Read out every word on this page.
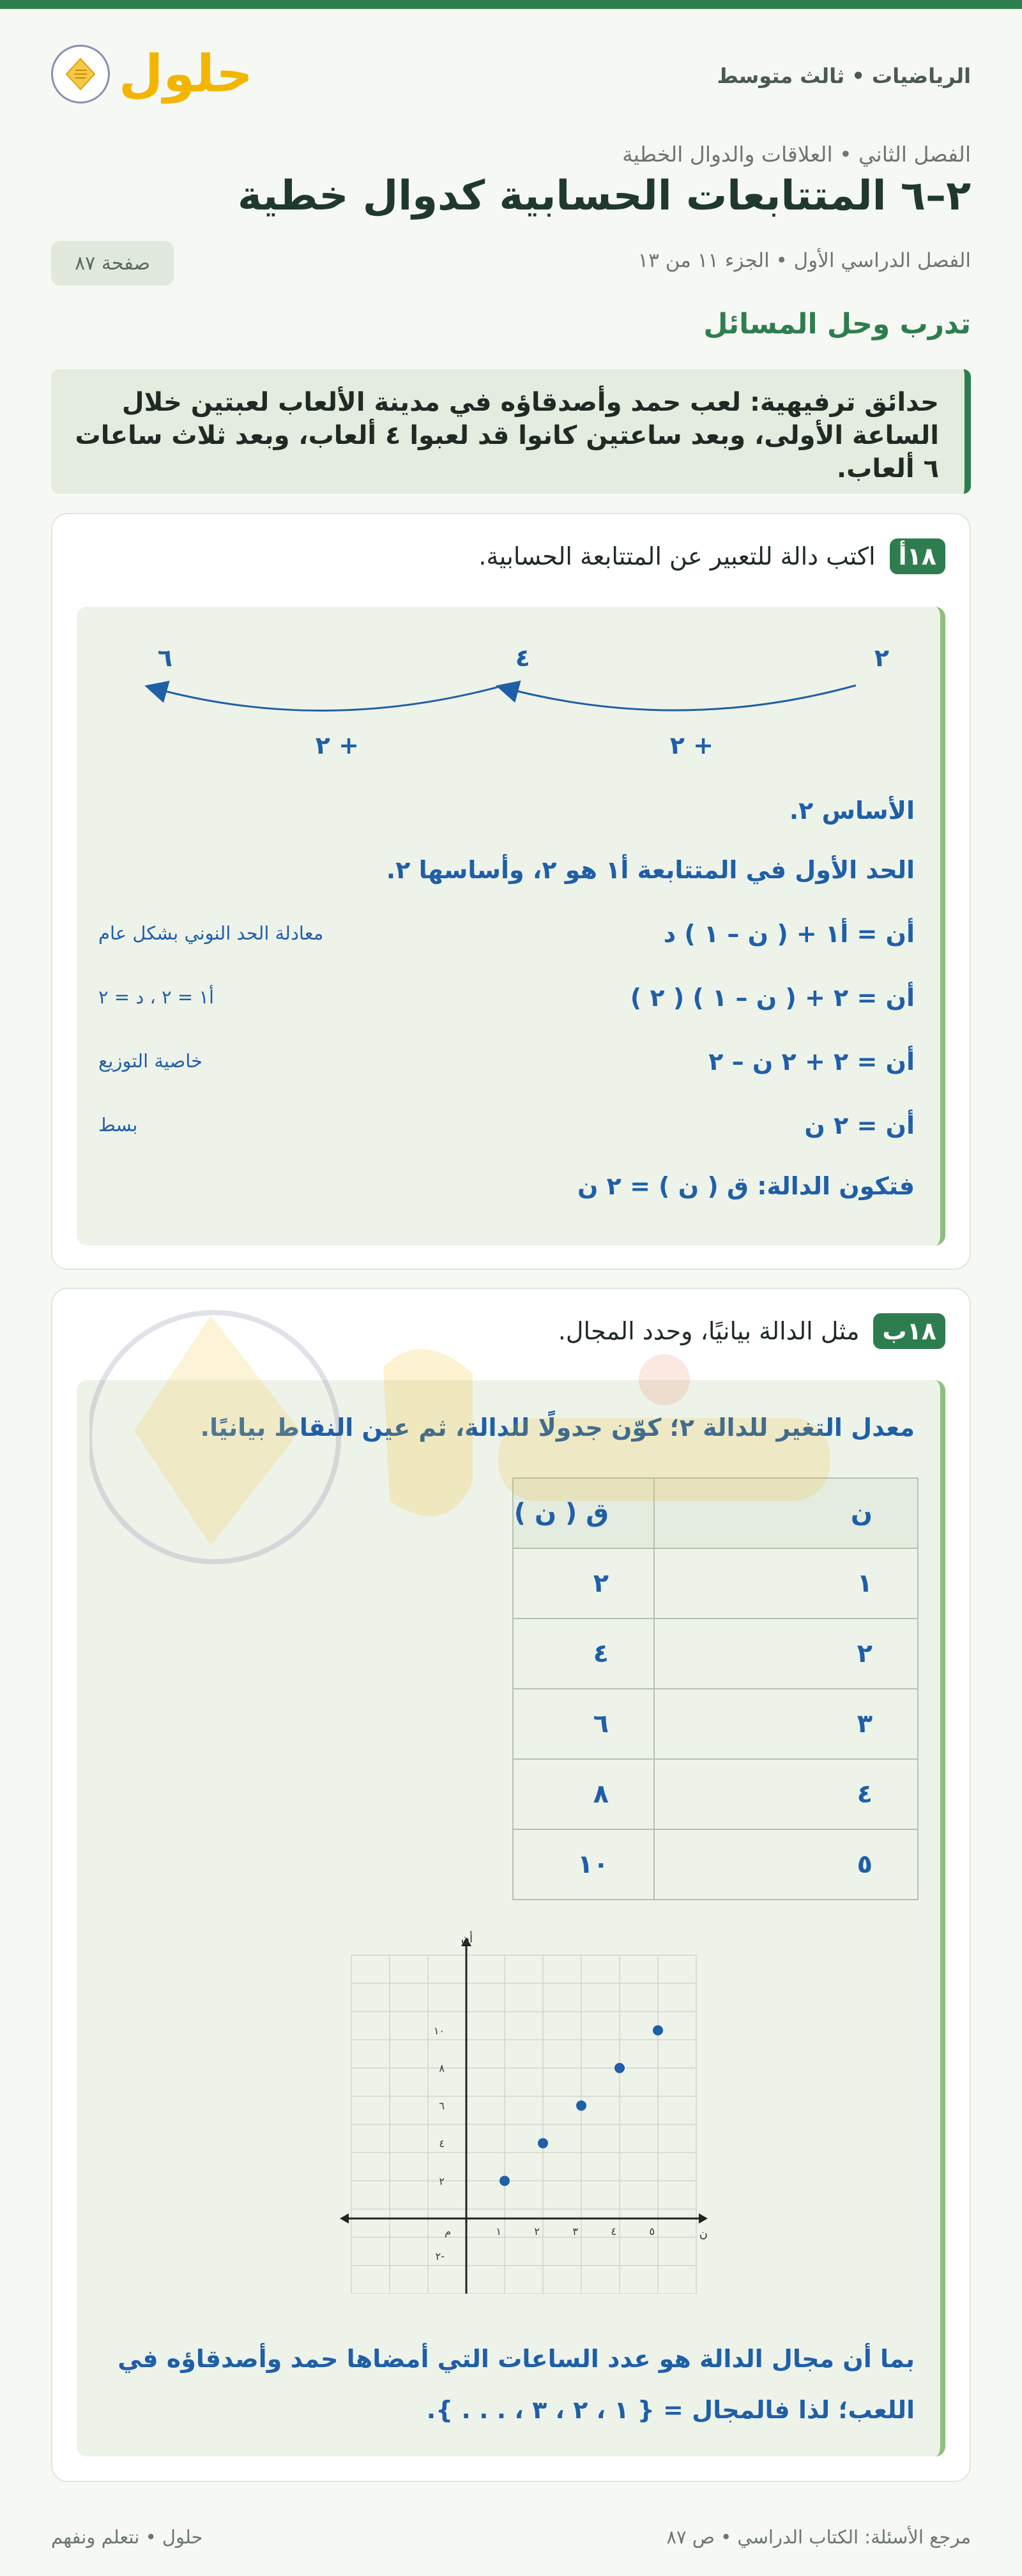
الرياضيات • ثالث متوسط
حلول
الفصل الثاني • العلاقات والدوال الخطية
٢–٦ المتتابعات الحسابية كدوال خطية
الفصل الدراسي الأول • الجزء ١١ من ١٣
صفحة ٨٧
تدرب وحل المسائل
حدائق ترفيهية: لعب حمد وأصدقاؤه في مدينة الألعاب لعبتين خلال الساعة الأولى، وبعد ساعتين كانوا قد لعبوا ٤ ألعاب، وبعد ثلاث ساعات ٦ ألعاب.
١٨أ
اكتب دالة للتعبير عن المتتابعة الحسابية.
٢
٤
٦
+ ٢
+ ٢
الأساس ٢.
الحد الأول في المتتابعة أ١ هو ٢، وأساسها ٢.
أن = أ١ + ( ن – ١ ) د
معادلة الحد النوني بشكل عام
أن = ٢ + ( ن – ١ ) ( ٢ )
أ١ = ٢ ، د = ٢
أن = ٢ + ٢ ن – ٢
خاصية التوزيع
أن = ٢ ن
بسط
فتكون الدالة: ق ( ن ) = ٢ ن
١٨ب
مثل الدالة بيانيًا، وحدد المجال.
معدل التغير للدالة ٢؛ كوّن جدولًا للدالة، ثم عين النقاط بيانيًا.
ن	ق ( ن )
١	٢
٢	٤
٣	٦
٤	٨
٥	١٠
ن
أن
م	١	٢	٣	٤	٥
-٢
٢
٤
٦
٨
١٠
بما أن مجال الدالة هو عدد الساعات التي أمضاها حمد وأصدقاؤه في
اللعب؛ لذا فالمجال = { ١ ، ٢ ، ٣ ، . . . }.
مرجع الأسئلة: الكتاب الدراسي • ص ٨٧
حلول • نتعلم ونفهم
